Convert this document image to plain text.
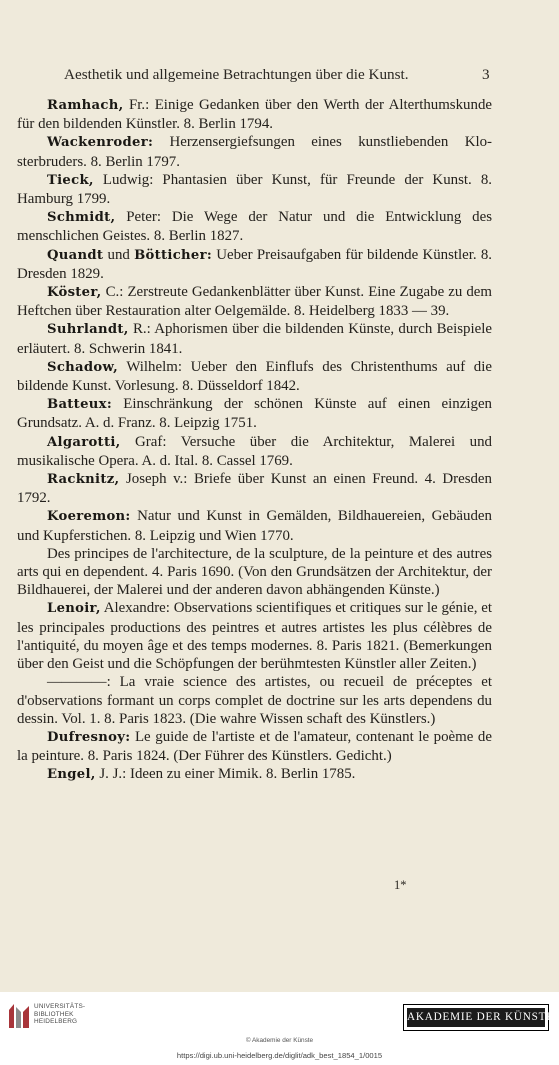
Aesthetik und allgemeine Betrachtungen über die Kunst.	3

Ramhach, Fr.: Einige Gedanken über den Werth der Alterthumskunde für den bildenden Künstler. 8. Berlin 1794.

Wackenroder: Herzensergiefsungen eines kunstliebenden Klosterbruders. 8. Berlin 1797.

Tieck, Ludwig: Phantasien über Kunst, für Freunde der Kunst. 8. Hamburg 1799.

Schmidt, Peter: Die Wege der Natur und die Entwicklung des menschlichen Geistes. 8. Berlin 1827.

Quandt und Bötticher: Ueber Preisaufgaben für bildende Künstler. 8. Dresden 1829.

Köster, C.: Zerstreute Gedankenblätter über Kunst. Eine Zugabe zu dem Heftchen über Restauration alter Oelgemälde. 8. Heidelberg 1833 — 39.

Suhrlandt, R.: Aphorismen über die bildenden Künste, durch Beispiele erläutert. 8. Schwerin 1841.

Schadow, Wilhelm: Ueber den Einflufs des Christenthums auf die bildende Kunst. Vorlesung. 8. Düsseldorf 1842.

Batteux: Einschränkung der schönen Künste auf einen einzigen Grundsatz. A. d. Franz. 8. Leipzig 1751.

Algarotti, Graf: Versuche über die Architektur, Malerei und musikalische Opera. A. d. Ital. 8. Cassel 1769.

Racknitz, Joseph v.: Briefe über Kunst an einen Freund. 4. Dresden 1792.

Koeremon: Natur und Kunst in Gemälden, Bildhauereien, Gebäuden und Kupferstichen. 8. Leipzig und Wien 1770.

Des principes de l'architecture, de la sculpture, de la peinture et des autres arts qui en dependent. 4. Paris 1690. (Von den Grundsätzen der Architektur, der Bildhauerei, der Malerei und der anderen davon abhängenden Künste.)

Lenoir, Alexandre: Observations scientifiques et critiques sur le génie, et les principales productions des peintres et autres artistes les plus célèbres de l'antiquité, du moyen âge et des temps modernes. 8. Paris 1821. (Bemerkungen über den Geist und die Schöpfungen der berühmtesten Künstler aller Zeiten.)

————: La vraie science des artistes, ou recueil de préceptes et d'observations formant un corps complet de doctrine sur les arts dependens du dessin. Vol. 1. 8. Paris 1823. (Die wahre Wissen schaft des Künstlers.)

Dufresnoy: Le guide de l'artiste et de l'amateur, contenant le poème de la peinture. 8. Paris 1824. (Der Führer des Künstlers. Gedicht.)

Engel, J. J.: Ideen zu einer Mimik. 8. Berlin 1785.

1*
UNIVERSITÄTS-
BIBLIOTHEK
HEIDELBERG	AKADEMIE DER KÜNSTE
© Akademie der Künste
https://digi.ub.uni-heidelberg.de/diglit/adk_best_1854_1/0015
